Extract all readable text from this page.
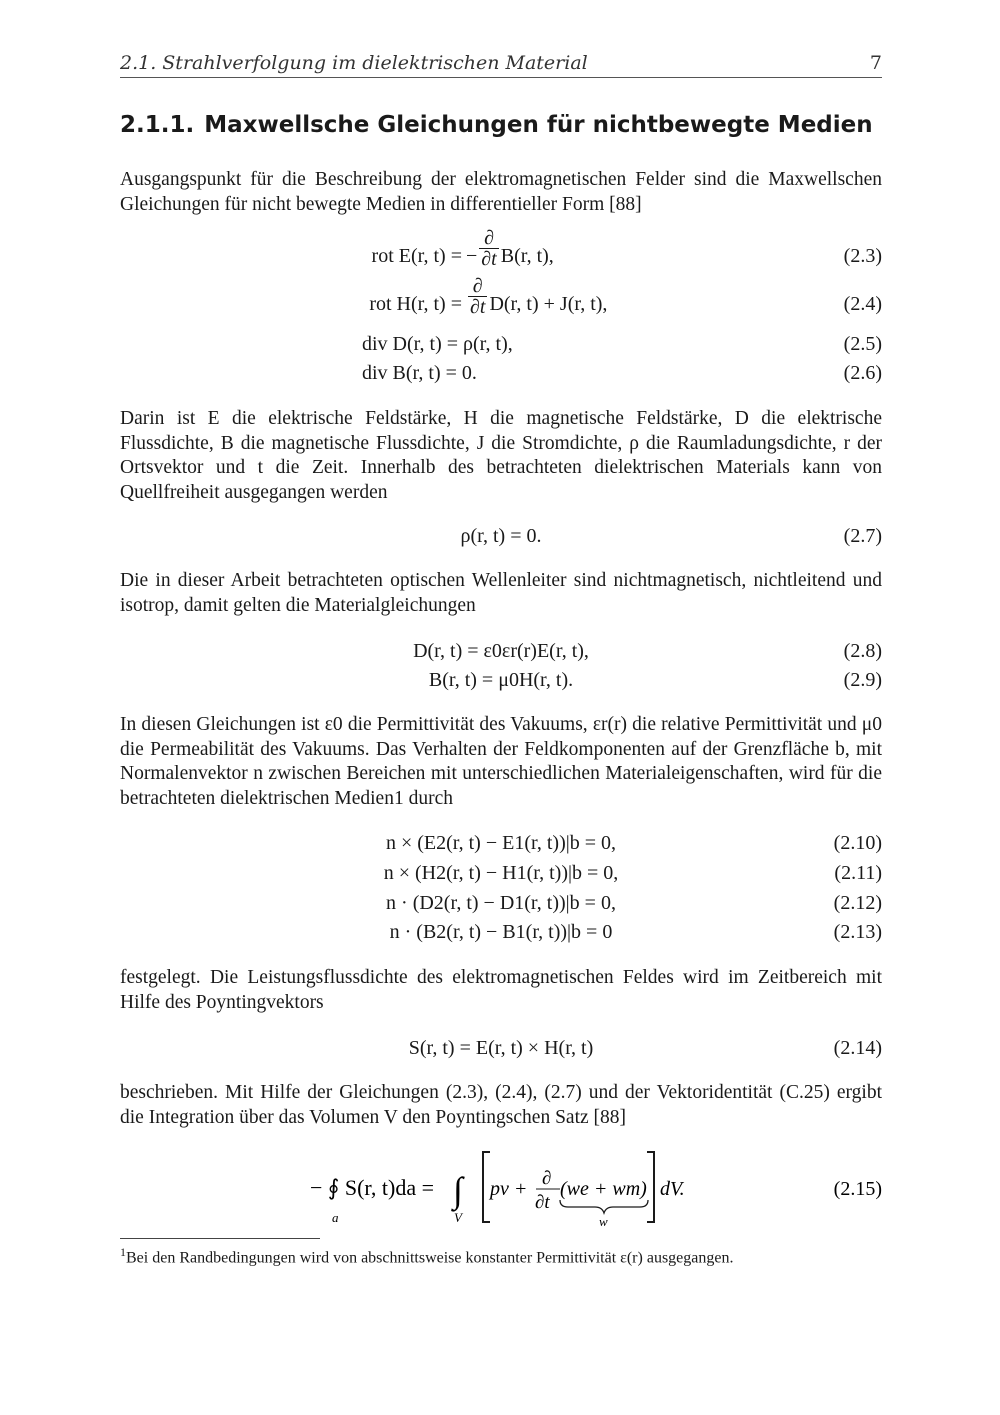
2.1. Strahlverfolgung im dielektrischen Material	7
2.1.1. Maxwellsche Gleichungen für nichtbewegte Medien

Ausgangspunkt für die Beschreibung der elektromagnetischen Felder sind die Maxwellschen Gleichungen für nicht bewegte Medien in differentieller Form [88]

rot E(r, t) = − $\frac{\partial}{\partial t} B(r$, t),	(2.3)
rot H(r, $t) = \frac{\partial}{\partial t} D(r$, t) + J(r, t),	(2.4)
div D(r, t) = ρ(r, t),	(2.5)
div B(r, t) = 0.	(2.6)

Darin ist E die elektrische Feldstärke, H die magnetische Feldstärke, D die elektrische Flussdichte, B die magnetische Flussdichte, J die Stromdichte, ρ die Raumladungsdichte, r der Ortsvektor und t die Zeit. Innerhalb des betrachteten dielektrischen Materials kann von Quellfreiheit ausgegangen werden

ρ(r, t) = 0.	(2.7)

Die in dieser Arbeit betrachteten optischen Wellenleiter sind nichtmagnetisch, nichtleitend und isotrop, damit gelten die Materialgleichungen

D(r, t) = ε0εr(r)E(r, t),	(2.8)
B(r, t) = μ0H(r, t).	(2.9)

In diesen Gleichungen ist ε0 die Permittivität des Vakuums, εr(r) die relative Permittivität und μ0 die Permeabilität des Vakuums. Das Verhalten der Feldkomponenten auf der Grenzfläche b, mit Normalenvektor n zwischen Bereichen mit unterschiedlichen Materialeigenschaften, wird für die betrachteten dielektrischen Medien1 durch

n × (E2(r, t) − E1(r, t))|b = 0,	(2.10)
n × (H2(r, t) − H1(r, t))|b = 0,	(2.11)
n · (D2(r, t) − D1(r, t))|b = 0,	(2.12)
n · (B2(r, t) − B1(r, t))|b = 0	(2.13)

festgelegt. Die Leistungsflussdichte des elektromagnetischen Feldes wird im Zeitbereich mit Hilfe des Poyntingvektors

S(r, t) = E(r, t) × H(r, t)	(2.14)

beschrieben. Mit Hilfe der Gleichungen (2.3), (2.4), (2.7) und der Vektoridentität (C.25) ergibt die Integration über das Volumen V den Poyntingschen Satz [88]

− ∮ S(r, t)da =
a
∫
V
pv + ∂
∂t
(we + wm)
w
dV.	(2.15)

$^1$Bei den Randbedingungen wird von abschnittsweise konstanter Permittivität ε(r) ausgegangen.
